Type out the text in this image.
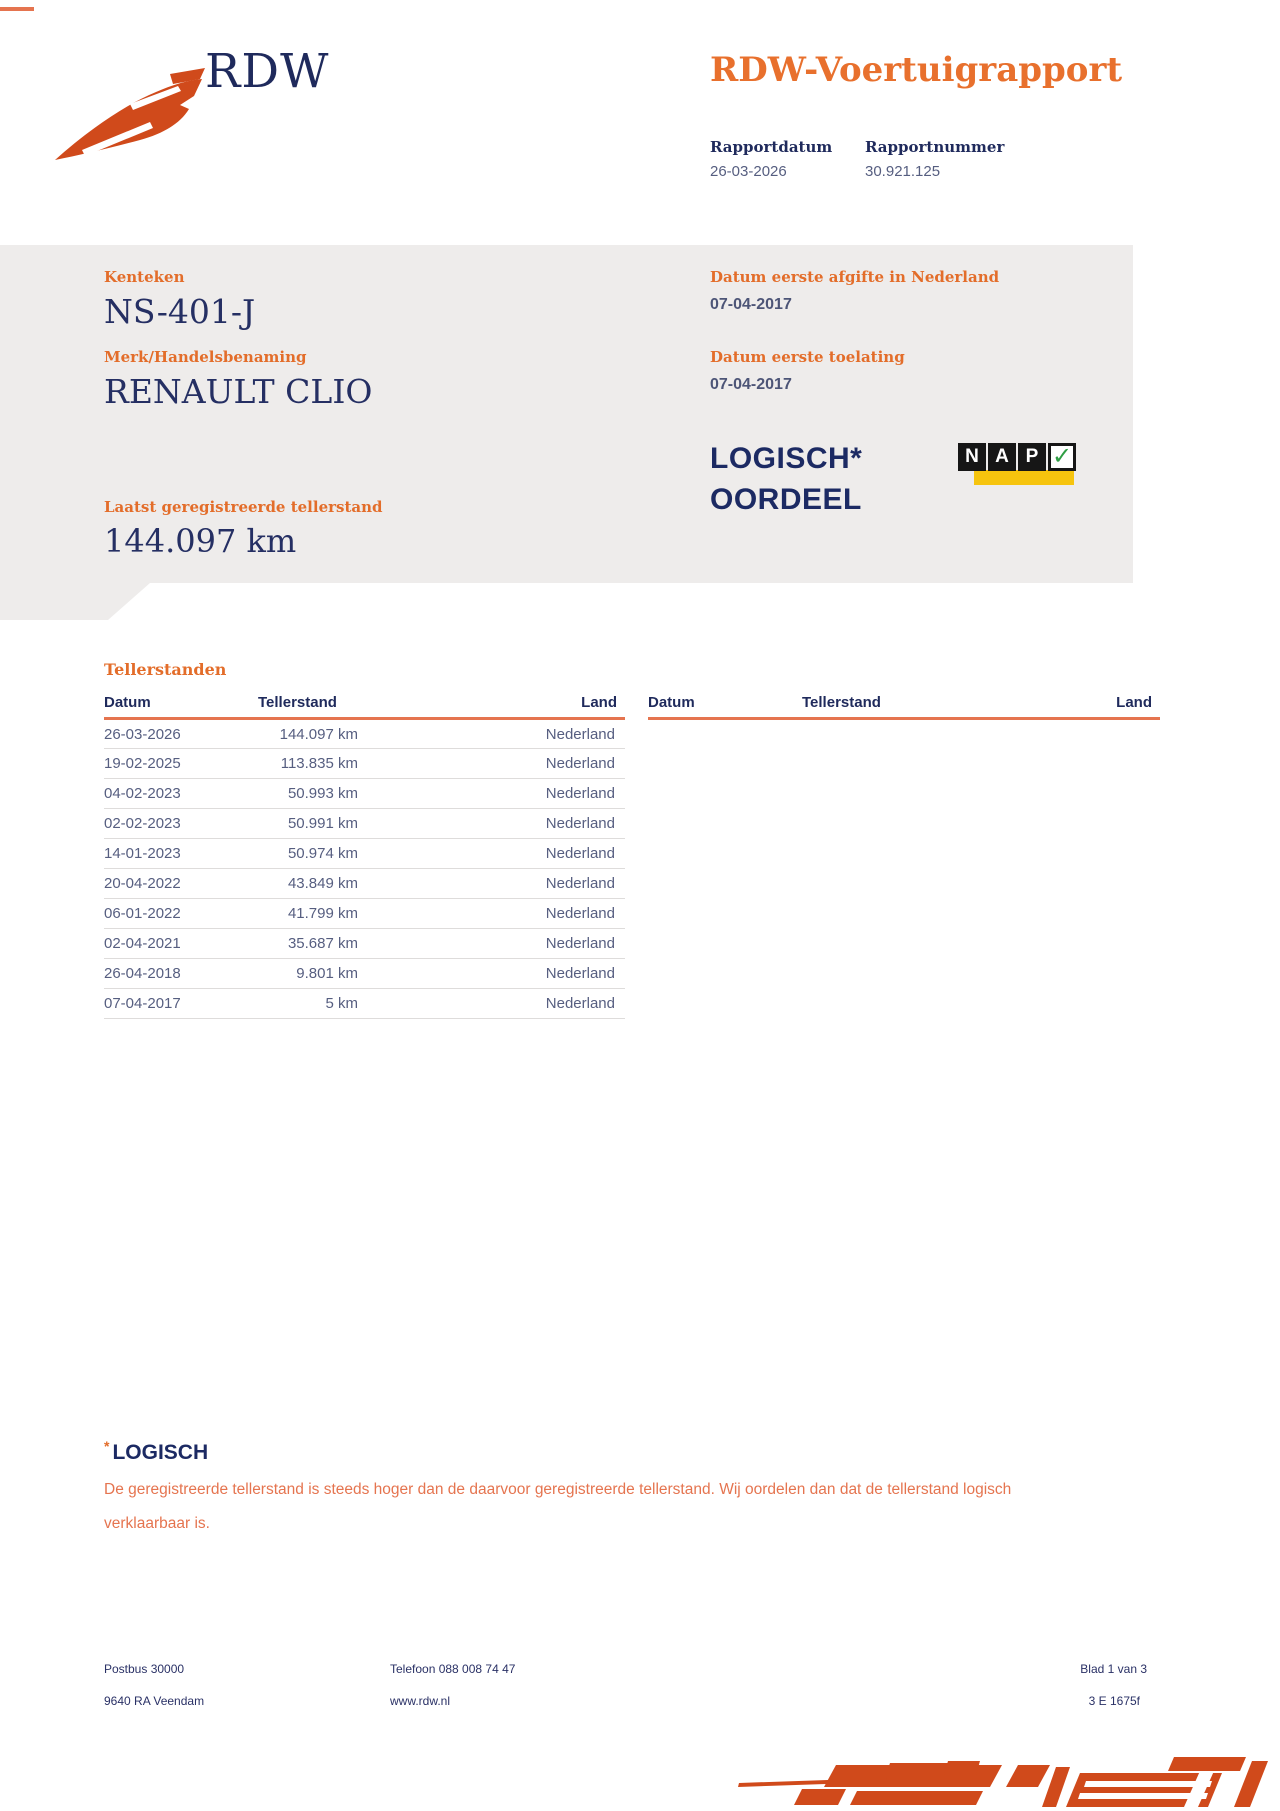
RDW	RDW-Voertuigrapport
Rapportdatum Rapportnummer
26-03-2026	30.921.125
Kenteken
NS-401-J
Merk/Handelsbenaming
RENAULT CLIO
Laatst geregistreerde tellerstand
144.097 km
Datum eerste afgifte in Nederland
07-04-2017
Datum eerste toelating
07-04-2017
LOGISCH*
OORDEEL
N A P ✓
Tellerstanden
Datum	Tellerstand	Land
26-03-2026	144.097 km	Nederland
19-02-2025	113.835 km	Nederland
04-02-2023	50.993 km	Nederland
02-02-2023	50.991 km	Nederland
14-01-2023	50.974 km	Nederland
20-04-2022	43.849 km	Nederland
06-01-2022	41.799 km	Nederland
02-04-2021	35.687 km	Nederland
26-04-2018	9.801 km	Nederland
07-04-2017	5 km	Nederland
Datum	Tellerstand	Land
* LOGISCH

De geregistreerde tellerstand is steeds hoger dan de daarvoor geregistreerde tellerstand. Wij oordelen dan dat de tellerstand logisch verklaarbaar is.

Postbus 30000
9640 RA Veendam
Telefoon 088 008 74 47
www.rdw.nl
Blad 1 van 3
3 E 1675f
